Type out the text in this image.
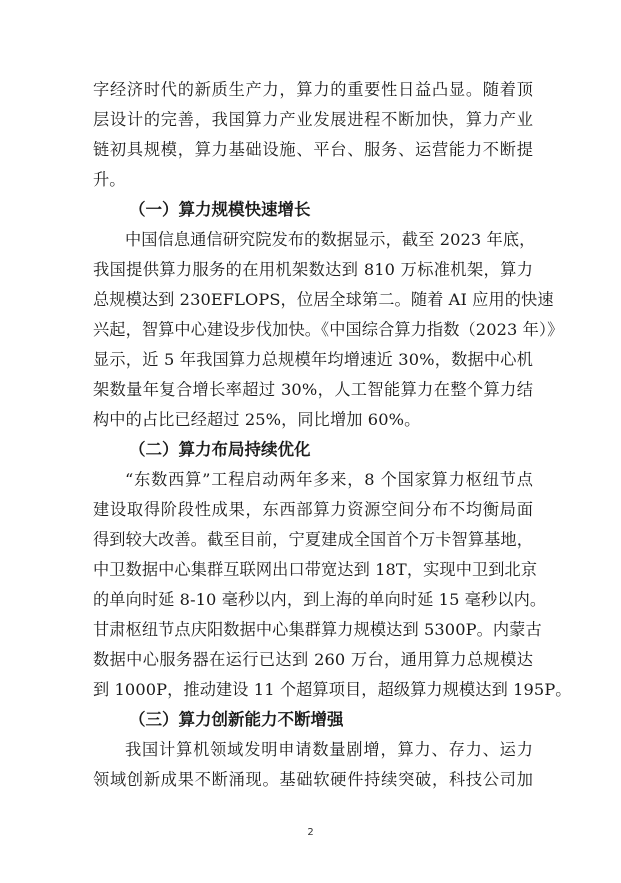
字经济时代的新质生产力，算力的重要性日益凸显。随着顶
层设计的完善，我国算力产业发展进程不断加快，算力产业
链初具规模，算力基础设施、平台、服务、运营能力不断提
升。
（一）算力规模快速增长
中国信息通信研究院发布的数据显示，截至 2023 年底，
我国提供算力服务的在用机架数达到 810 万标准机架，算力
总规模达到 230EFLOPS，位居全球第二。随着 AI 应用的快速
兴起，智算中心建设步伐加快。《中国综合算力指数（2023 年）》
显示，近 5 年我国算力总规模年均增速近 30%，数据中心机
架数量年复合增长率超过 30%，人工智能算力在整个算力结
构中的占比已经超过 25%，同比增加 60%。
（二）算力布局持续优化
“东数西算”工程启动两年多来，8 个国家算力枢纽节点
建设取得阶段性成果，东西部算力资源空间分布不均衡局面
得到较大改善。截至目前，宁夏建成全国首个万卡智算基地，
中卫数据中心集群互联网出口带宽达到 18T，实现中卫到北京
的单向时延 8-10 毫秒以内，到上海的单向时延 15 毫秒以内。
甘肃枢纽节点庆阳数据中心集群算力规模达到 5300P。内蒙古
数据中心服务器在运行已达到 260 万台，通用算力总规模达
到 1000P，推动建设 11 个超算项目，超级算力规模达到 195P。
（三）算力创新能力不断增强
我国计算机领域发明申请数量剧增，算力、存力、运力
领域创新成果不断涌现。基础软硬件持续突破，科技公司加
2
